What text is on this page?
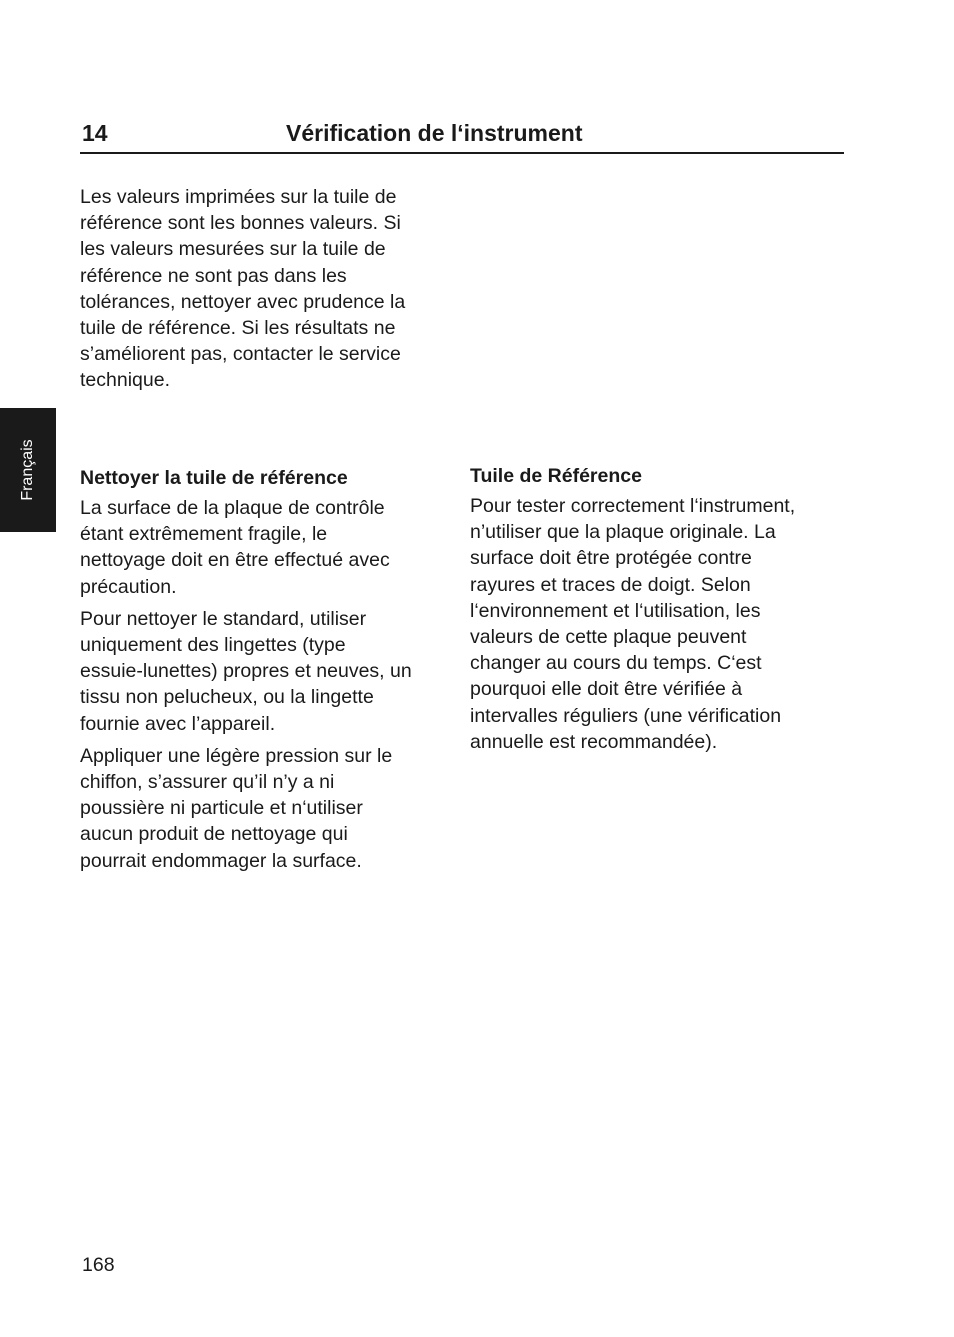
14	Vérification de l‘instrument
Français

Les valeurs imprimées sur la tuile de
référence sont les bonnes valeurs. Si
les valeurs mesurées sur la tuile de
référence ne sont pas dans les
tolérances, nettoyer avec prudence la
tuile de référence. Si les résultats ne
s’améliorent pas, contacter le service
technique.

Nettoyer la tuile de référence

La surface de la plaque de contrôle
étant extrêmement fragile, le
nettoyage doit en être effectué avec
précaution.

Pour nettoyer le standard, utiliser
uniquement des lingettes (type
essuie-lunettes) propres et neuves, un
tissu non pelucheux, ou la lingette
fournie avec l’appareil.

Appliquer une légère pression sur le
chiffon, s’assurer qu’il n’y a ni
poussière ni particule et n‘utiliser
aucun produit de nettoyage qui
pourrait endommager la surface.

Tuile de Référence

Pour tester correctement l‘instrument,
n’utiliser que la plaque originale. La
surface doit être protégée contre
rayures et traces de doigt. Selon
l‘environnement et l‘utilisation, les
valeurs de cette plaque peuvent
changer au cours du temps. C‘est
pourquoi elle doit être vérifiée à
intervalles réguliers (une vérification
annuelle est recommandée).

168
